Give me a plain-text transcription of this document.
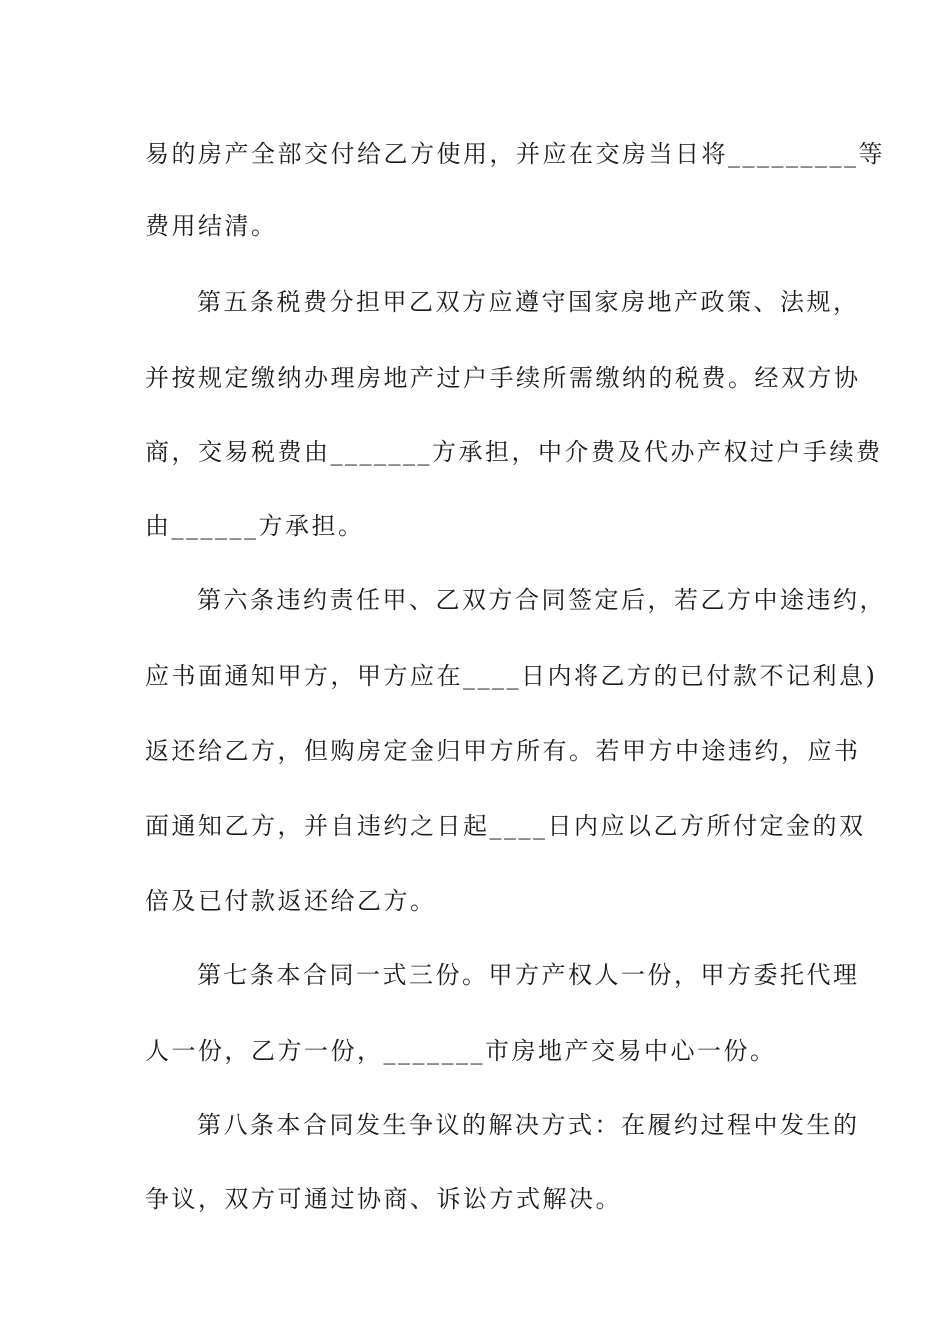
易的房产全部交付给乙方使用，并应在交房当日将_________等
费用结清。
第五条税费分担甲乙双方应遵守国家房地产政策、法规，
并按规定缴纳办理房地产过户手续所需缴纳的税费。经双方协
商，交易税费由_______方承担，中介费及代办产权过户手续费
由______方承担。
第六条违约责任甲、乙双方合同签定后，若乙方中途违约，
应书面通知甲方，甲方应在____日内将乙方的已付款不记利息)
返还给乙方，但购房定金归甲方所有。若甲方中途违约，应书
面通知乙方，并自违约之日起____日内应以乙方所付定金的双
倍及已付款返还给乙方。
第七条本合同一式三份。甲方产权人一份，甲方委托代理
人一份，乙方一份，_______市房地产交易中心一份。
第八条本合同发生争议的解决方式：在履约过程中发生的
争议，双方可通过协商、诉讼方式解决。
